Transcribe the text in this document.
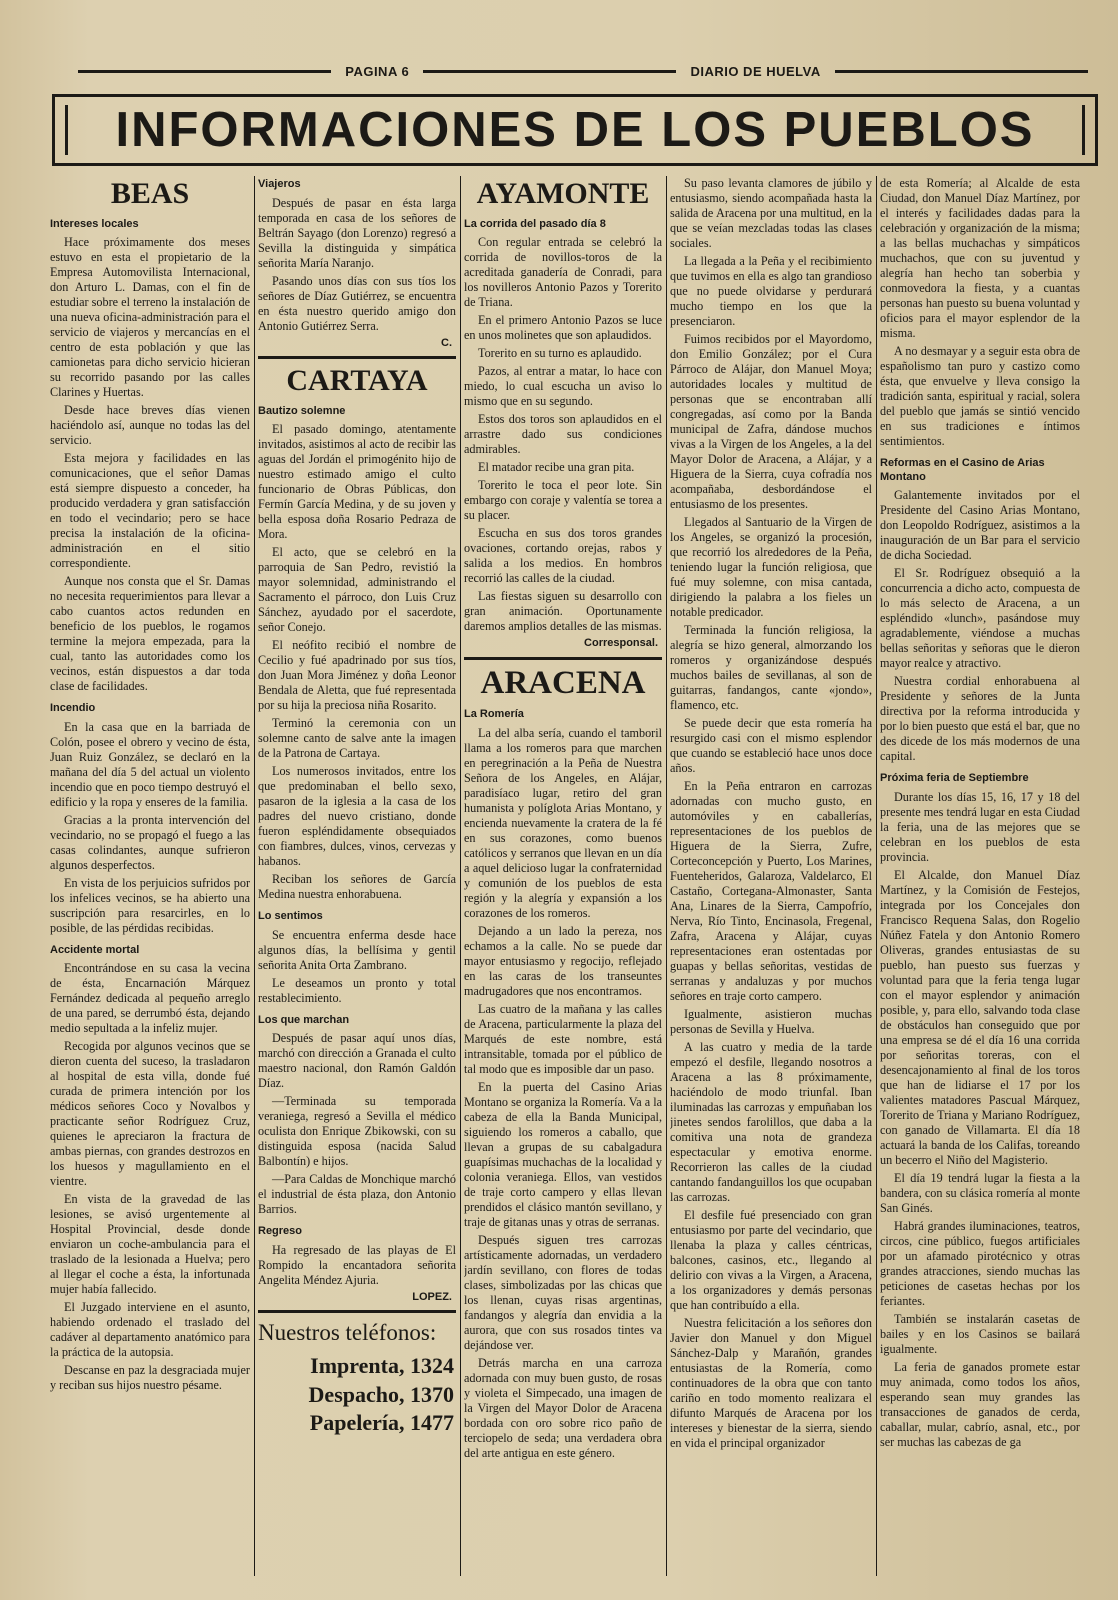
PAGINA 6	DIARIO DE HUELVA
INFORMACIONES DE LOS PUEBLOS
BEAS
Intereses locales

Hace próximamente dos meses estuvo en esta el propietario de la Empresa Automovilista Internacional, don Arturo L. Damas, con el fin de estudiar sobre el terreno la instalación de una nueva oficina-administración para el servicio de viajeros y mercancías en el centro de esta población y que las camionetas para dicho servicio hicieran su recorrido pasando por las calles Clarines y Huertas.

Desde hace breves días vienen haciéndolo así, aunque no todas las del servicio.

Esta mejora y facilidades en las comunicaciones, que el señor Damas está siempre dispuesto a conceder, ha producido verdadera y gran satisfacción en todo el vecindario; pero se hace precisa la instalación de la oficina-administración en el sitio correspondiente.

Aunque nos consta que el Sr. Damas no necesita requerimientos para llevar a cabo cuantos actos redunden en beneficio de los pueblos, le rogamos termine la mejora empezada, para la cual, tanto las autoridades como los vecinos, están dispuestos a dar toda clase de facilidades.

Incendio

En la casa que en la barriada de Colón, posee el obrero y vecino de ésta, Juan Ruiz González, se declaró en la mañana del día 5 del actual un violento incendio que en poco tiempo destruyó el edificio y la ropa y enseres de la familia.

Gracias a la pronta intervención del vecindario, no se propagó el fuego a las casas colindantes, aunque sufrieron algunos desperfectos.

En vista de los perjuicios sufridos por los infelices vecinos, se ha abierto una suscripción para resarcirles, en lo posible, de las pérdidas recibidas.

Accidente mortal

Encontrándose en su casa la vecina de ésta, Encarnación Márquez Fernández dedicada al pequeño arreglo de una pared, se derrumbó ésta, dejando medio sepultada a la infeliz mujer.

Recogida por algunos vecinos que se dieron cuenta del suceso, la trasladaron al hospital de esta villa, donde fué curada de primera intención por los médicos señores Coco y Novalbos y practicante señor Rodríguez Cruz, quienes le apreciaron la fractura de ambas piernas, con grandes destrozos en los huesos y magullamiento en el vientre.

En vista de la gravedad de las lesiones, se avisó urgentemente al Hospital Provincial, desde donde enviaron un coche-ambulancia para el traslado de la lesionada a Huelva; pero al llegar el coche a ésta, la infortunada mujer había fallecido.

El Juzgado interviene en el asunto, habiendo ordenado el traslado del cadáver al departamento anatómico para la práctica de la autopsia.

Descanse en paz la desgraciada mujer y reciban sus hijos nuestro pésame.

Viajeros

Después de pasar en ésta larga temporada en casa de los señores de Beltrán Sayago (don Lorenzo) regresó a Sevilla la distinguida y simpática señorita María Naranjo.

Pasando unos días con sus tíos los señores de Díaz Gutiérrez, se encuentra en ésta nuestro querido amigo don Antonio Gutiérrez Serra.

C.
CARTAYA
Bautizo solemne

El pasado domingo, atentamente invitados, asistimos al acto de recibir las aguas del Jordán el primogénito hijo de nuestro estimado amigo el culto funcionario de Obras Públicas, don Fermín García Medina, y de su joven y bella esposa doña Rosario Pedraza de Mora.

El acto, que se celebró en la parroquia de San Pedro, revistió la mayor solemnidad, administrando el Sacramento el párroco, don Luis Cruz Sánchez, ayudado por el sacerdote, señor Conejo.

El neófito recibió el nombre de Cecilio y fué apadrinado por sus tíos, don Juan Mora Jiménez y doña Leonor Bendala de Aletta, que fué representada por su hija la preciosa niña Rosarito.

Terminó la ceremonia con un solemne canto de salve ante la imagen de la Patrona de Cartaya.

Los numerosos invitados, entre los que predominaban el bello sexo, pasaron de la iglesia a la casa de los padres del nuevo cristiano, donde fueron espléndidamente obsequiados con fiambres, dulces, vinos, cervezas y habanos.

Reciban los señores de García Medina nuestra enhorabuena.

Lo sentimos

Se encuentra enferma desde hace algunos días, la bellísima y gentil señorita Anita Orta Zambrano.

Le deseamos un pronto y total restablecimiento.

Los que marchan

Después de pasar aquí unos días, marchó con dirección a Granada el culto maestro nacional, don Ramón Galdón Díaz.

—Terminada su temporada veraniega, regresó a Sevilla el médico oculista don Enrique Zbikowski, con su distinguida esposa (nacida Salud Balbontín) e hijos.

—Para Caldas de Monchique marchó el industrial de ésta plaza, don Antonio Barrios.

Regreso

Ha regresado de las playas de El Rompido la encantadora señorita Angelita Méndez Ajuria.

LOPEZ.
Nuestros teléfonos:
Imprenta, 1324
Despacho, 1370
Papelería, 1477
AYAMONTE
La corrida del pasado día 8

Con regular entrada se celebró la corrida de novillos-toros de la acreditada ganadería de Conradi, para los novilleros Antonio Pazos y Torerito de Triana.

En el primero Antonio Pazos se luce en unos molinetes que son aplaudidos.

Torerito en su turno es aplaudido.

Pazos, al entrar a matar, lo hace con miedo, lo cual escucha un aviso lo mismo que en su segundo.

Estos dos toros son aplaudidos en el arrastre dado sus condiciones admirables.

El matador recibe una gran pita.

Torerito le toca el peor lote. Sin embargo con coraje y valentía se torea a su placer.

Escucha en sus dos toros grandes ovaciones, cortando orejas, rabos y salida a los medios. En hombros recorrió las calles de la ciudad.

Las fiestas siguen su desarrollo con gran animación. Oportunamente daremos amplios detalles de las mismas.

Corresponsal.
ARACENA
La Romería

La del alba sería, cuando el tamboril llama a los romeros para que marchen en peregrinación a la Peña de Nuestra Señora de los Angeles, en Alájar, paradisíaco lugar, retiro del gran humanista y políglota Arias Montano, y encienda nuevamente la cratera de la fé en sus corazones, como buenos católicos y serranos que llevan en un día a aquel delicioso lugar la confraternidad y comunión de los pueblos de esta región y la alegría y expansión a los corazones de los romeros.

Dejando a un lado la pereza, nos echamos a la calle. No se puede dar mayor entusiasmo y regocijo, reflejado en las caras de los transeuntes madrugadores que nos encontramos.

Las cuatro de la mañana y las calles de Aracena, particularmente la plaza del Marqués de este nombre, está intransitable, tomada por el público de tal modo que es imposible dar un paso.

En la puerta del Casino Arias Montano se organiza la Romería. Va a la cabeza de ella la Banda Municipal, siguiendo los romeros a caballo, que llevan a grupas de su cabalgadura guapísimas muchachas de la localidad y colonia veraniega. Ellos, van vestidos de traje corto campero y ellas llevan prendidos el clásico mantón sevillano, y traje de gitanas unas y otras de serranas.

Después siguen tres carrozas artísticamente adornadas, un verdadero jardín sevillano, con flores de todas clases, simbolizadas por las chicas que los llenan, cuyas risas argentinas, fandangos y alegría dan envidia a la aurora, que con sus rosados tintes va dejándose ver.

Detrás marcha en una carroza adornada con muy buen gusto, de rosas y violeta el Simpecado, una imagen de la Virgen del Mayor Dolor de Aracena bordada con oro sobre rico paño de terciopelo de seda; una verdadera obra del arte antigua en este género.

Su paso levanta clamores de júbilo y entusiasmo, siendo acompañada hasta la salida de Aracena por una multitud, en la que se veían mezcladas todas las clases sociales.

La llegada a la Peña y el recibimiento que tuvimos en ella es algo tan grandioso que no puede olvidarse y perdurará mucho tiempo en los que la presenciaron.

Fuimos recibidos por el Mayordomo, don Emilio González; por el Cura Párroco de Alájar, don Manuel Moya; autoridades locales y multitud de personas que se encontraban allí congregadas, así como por la Banda municipal de Zafra, dándose muchos vivas a la Virgen de los Angeles, a la del Mayor Dolor de Aracena, a Alájar, y a Higuera de la Sierra, cuya cofradía nos acompañaba, desbordándose el entusiasmo de los presentes.

Llegados al Santuario de la Virgen de los Angeles, se organizó la procesión, que recorrió los alrededores de la Peña, teniendo lugar la función religiosa, que fué muy solemne, con misa cantada, dirigiendo la palabra a los fieles un notable predicador.

Terminada la función religiosa, la alegría se hizo general, almorzando los romeros y organizándose después muchos bailes de sevillanas, al son de guitarras, fandangos, cante «jondo», flamenco, etc.

Se puede decir que esta romería ha resurgido casi con el mismo esplendor que cuando se estableció hace unos doce años.

En la Peña entraron en carrozas adornadas con mucho gusto, en automóviles y en caballerías, representaciones de los pueblos de Higuera de la Sierra, Zufre, Corteconcepción y Puerto, Los Marines, Fuenteheridos, Galaroza, Valdelarco, El Castaño, Cortegana-Almonaster, Santa Ana, Linares de la Sierra, Campofrío, Nerva, Río Tinto, Encinasola, Fregenal, Zafra, Aracena y Alájar, cuyas representaciones eran ostentadas por guapas y bellas señoritas, vestidas de serranas y andaluzas y por muchos señores en traje corto campero.

Igualmente, asistieron muchas personas de Sevilla y Huelva.

A las cuatro y media de la tarde empezó el desfile, llegando nosotros a Aracena a las 8 próximamente, haciéndolo de modo triunfal. Iban iluminadas las carrozas y empuñaban los jinetes sendos farolillos, que daba a la comitiva una nota de grandeza espectacular y emotiva enorme. Recorrieron las calles de la ciudad cantando fandanguillos los que ocupaban las carrozas.

El desfile fué presenciado con gran entusiasmo por parte del vecindario, que llenaba la plaza y calles céntricas, balcones, casinos, etc., llegando al delirio con vivas a la Virgen, a Aracena, a los organizadores y demás personas que han contribuído a ella.

Nuestra felicitación a los señores don Javier don Manuel y don Miguel Sánchez-Dalp y Marañón, grandes entusiastas de la Romería, como continuadores de la obra que con tanto cariño en todo momento realizara el difunto Marqués de Aracena por los intereses y bienestar de la sierra, siendo en vida el principal organizador

de esta Romería; al Alcalde de esta Ciudad, don Manuel Díaz Martínez, por el interés y facilidades dadas para la celebración y organización de la misma; a las bellas muchachas y simpáticos muchachos, que con su juventud y alegría han hecho tan soberbia y conmovedora la fiesta, y a cuantas personas han puesto su buena voluntad y oficios para el mayor esplendor de la misma.

A no desmayar y a seguir esta obra de españolismo tan puro y castizo como ésta, que envuelve y lleva consigo la tradición santa, espiritual y racial, solera del pueblo que jamás se sintió vencido en sus tradiciones e íntimos sentimientos.

Reformas en el Casino de Arias Montano

Galantemente invitados por el Presidente del Casino Arias Montano, don Leopoldo Rodríguez, asistimos a la inauguración de un Bar para el servicio de dicha Sociedad.

El Sr. Rodríguez obsequió a la concurrencia a dicho acto, compuesta de lo más selecto de Aracena, a un espléndido «lunch», pasándose muy agradablemente, viéndose a muchas bellas señoritas y señoras que le dieron mayor realce y atractivo.

Nuestra cordial enhorabuena al Presidente y señores de la Junta directiva por la reforma introducida y por lo bien puesto que está el bar, que no des dicede de los más modernos de una capital.

Próxima feria de Septiembre

Durante los días 15, 16, 17 y 18 del presente mes tendrá lugar en esta Ciudad la feria, una de las mejores que se celebran en los pueblos de esta provincia.

El Alcalde, don Manuel Díaz Martínez, y la Comisión de Festejos, integrada por los Concejales don Francisco Requena Salas, don Rogelio Núñez Fatela y don Antonio Romero Oliveras, grandes entusiastas de su pueblo, han puesto sus fuerzas y voluntad para que la feria tenga lugar con el mayor esplendor y animación posible, y, para ello, salvando toda clase de obstáculos han conseguido que por una empresa se dé el día 16 una corrida por señoritas toreras, con el desencajonamiento al final de los toros que han de lidiarse el 17 por los valientes matadores Pascual Márquez, Torerito de Triana y Mariano Rodríguez, con ganado de Villamarta. El día 18 actuará la banda de los Califas, toreando un becerro el Niño del Magisterio.

El día 19 tendrá lugar la fiesta a la bandera, con su clásica romería al monte San Ginés.

Habrá grandes iluminaciones, teatros, circos, cine público, fuegos artificiales por un afamado pirotécnico y otras grandes atracciones, siendo muchas las peticiones de casetas hechas por los feriantes.

También se instalarán casetas de bailes y en los Casinos se bailará igualmente.

La feria de ganados promete estar muy animada, como todos los años, esperando sean muy grandes las transacciones de ganados de cerda, caballar, mular, cabrío, asnal, etc., por ser muchas las cabezas de ga
